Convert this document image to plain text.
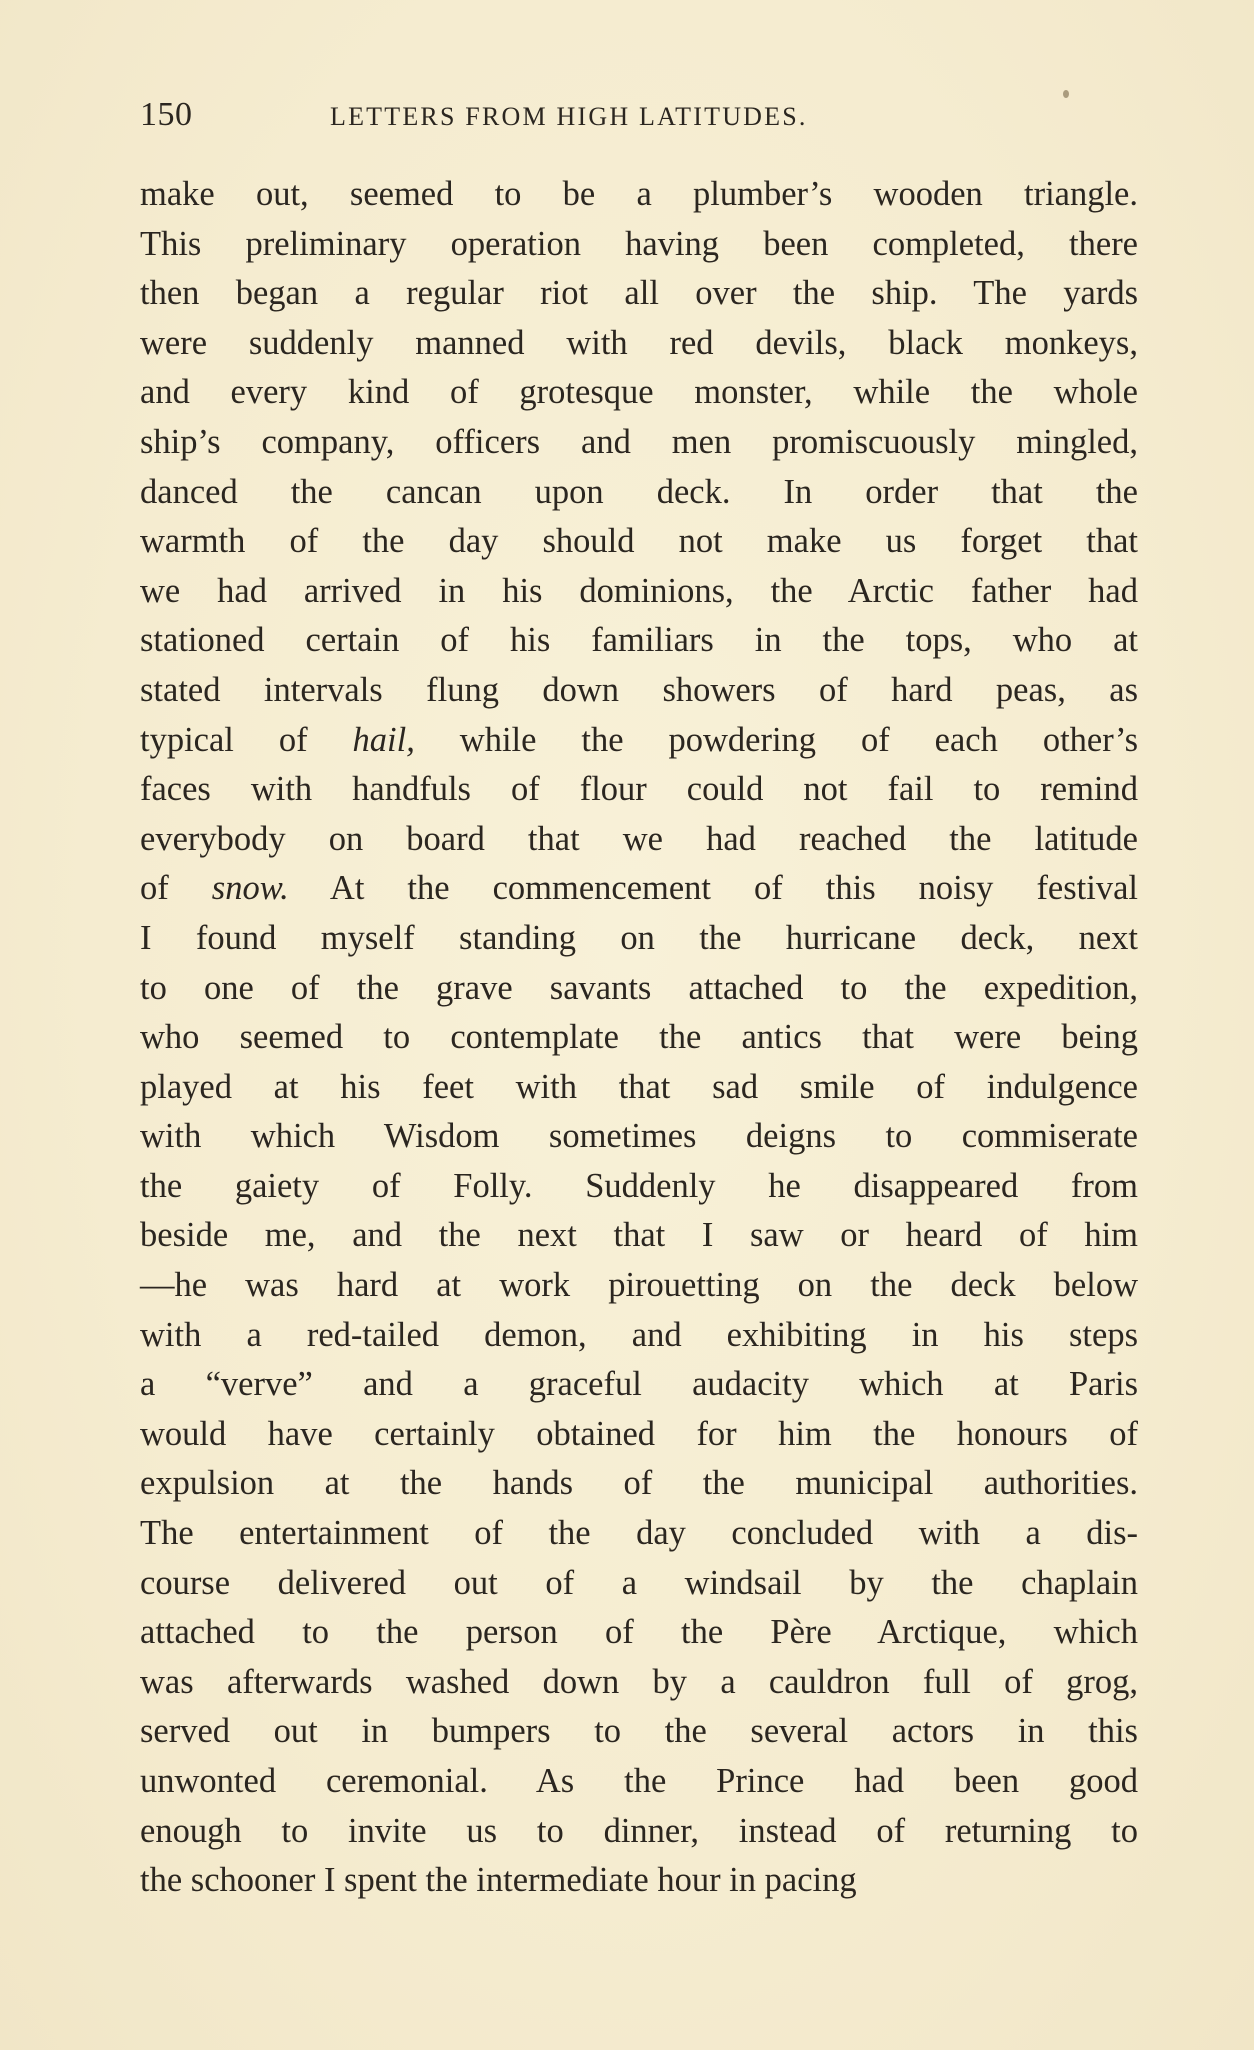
150	LETTERS FROM HIGH LATITUDES.
make out, seemed to be a plumber’s wooden triangle.
This preliminary operation having been completed, there
then began a regular riot all over the ship. The yards
were suddenly manned with red devils, black monkeys,
and every kind of grotesque monster, while the whole
ship’s company, officers and men promiscuously mingled,
danced the cancan upon deck. In order that the
warmth of the day should not make us forget that
we had arrived in his dominions, the Arctic father had
stationed certain of his familiars in the tops, who at
stated intervals flung down showers of hard peas, as
typical of hail, while the powdering of each other’s
faces with handfuls of flour could not fail to remind
everybody on board that we had reached the latitude
of snow. At the commencement of this noisy festival
I found myself standing on the hurricane deck, next
to one of the grave savants attached to the expedition,
who seemed to contemplate the antics that were being
played at his feet with that sad smile of indulgence
with which Wisdom sometimes deigns to commiserate
the gaiety of Folly. Suddenly he disappeared from
beside me, and the next that I saw or heard of him
—he was hard at work pirouetting on the deck below
with a red-tailed demon, and exhibiting in his steps
a “verve” and a graceful audacity which at Paris
would have certainly obtained for him the honours of
expulsion at the hands of the municipal authorities.
The entertainment of the day concluded with a dis-
course delivered out of a windsail by the chaplain
attached to the person of the Père Arctique, which
was afterwards washed down by a cauldron full of grog,
served out in bumpers to the several actors in this
unwonted ceremonial. As the Prince had been good
enough to invite us to dinner, instead of returning to
the schooner I spent the intermediate hour in pacing
